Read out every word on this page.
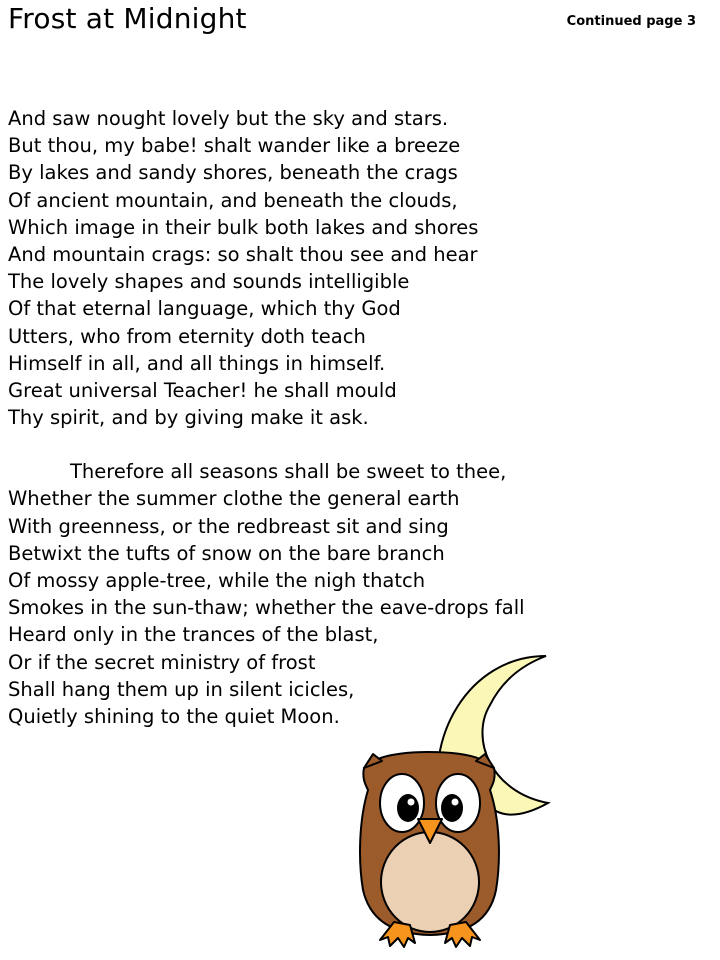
Frost at Midnight	Continued page 3
And saw nought lovely but the sky and stars.
But thou, my babe! shalt wander like a breeze
By lakes and sandy shores, beneath the crags
Of ancient mountain, and beneath the clouds,
Which image in their bulk both lakes and shores
And mountain crags: so shalt thou see and hear
The lovely shapes and sounds intelligible
Of that eternal language, which thy God
Utters, who from eternity doth teach
Himself in all, and all things in himself.
Great universal Teacher! he shall mould
Thy spirit, and by giving make it ask.
Therefore all seasons shall be sweet to thee,
Whether the summer clothe the general earth
With greenness, or the redbreast sit and sing
Betwixt the tufts of snow on the bare branch
Of mossy apple-tree, while the nigh thatch
Smokes in the sun-thaw; whether the eave-drops fall
Heard only in the trances of the blast,
Or if the secret ministry of frost
Shall hang them up in silent icicles,
Quietly shining to the quiet Moon.
